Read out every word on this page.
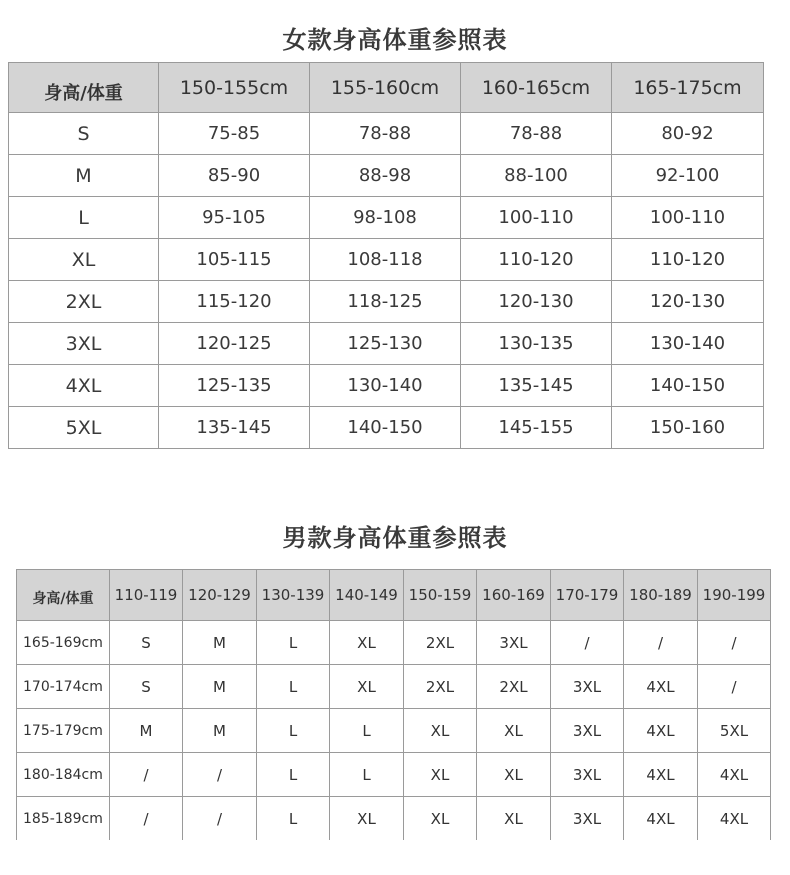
女款身高体重参照表
身高/体重	150-155cm	155-160cm	160-165cm	165-175cm
S	75-85	78-88	78-88	80-92
M	85-90	88-98	88-100	92-100
L	95-105	98-108	100-110	100-110
XL	105-115	108-118	110-120	110-120
2XL	115-120	118-125	120-130	120-130
3XL	120-125	125-130	130-135	130-140
4XL	125-135	130-140	135-145	140-150
5XL	135-145	140-150	145-155	150-160
男款身高体重参照表
身高/体重	110-119	120-129	130-139	140-149	150-159	160-169	170-179	180-189	190-199
165-169cm	S	M	L	XL	2XL	3XL	/	/	/
170-174cm	S	M	L	XL	2XL	2XL	3XL	4XL	/
175-179cm	M	M	L	L	XL	XL	3XL	4XL	5XL
180-184cm	/	/	L	L	XL	XL	3XL	4XL	4XL
185-189cm	/	/	L	XL	XL	XL	3XL	4XL	4XL
